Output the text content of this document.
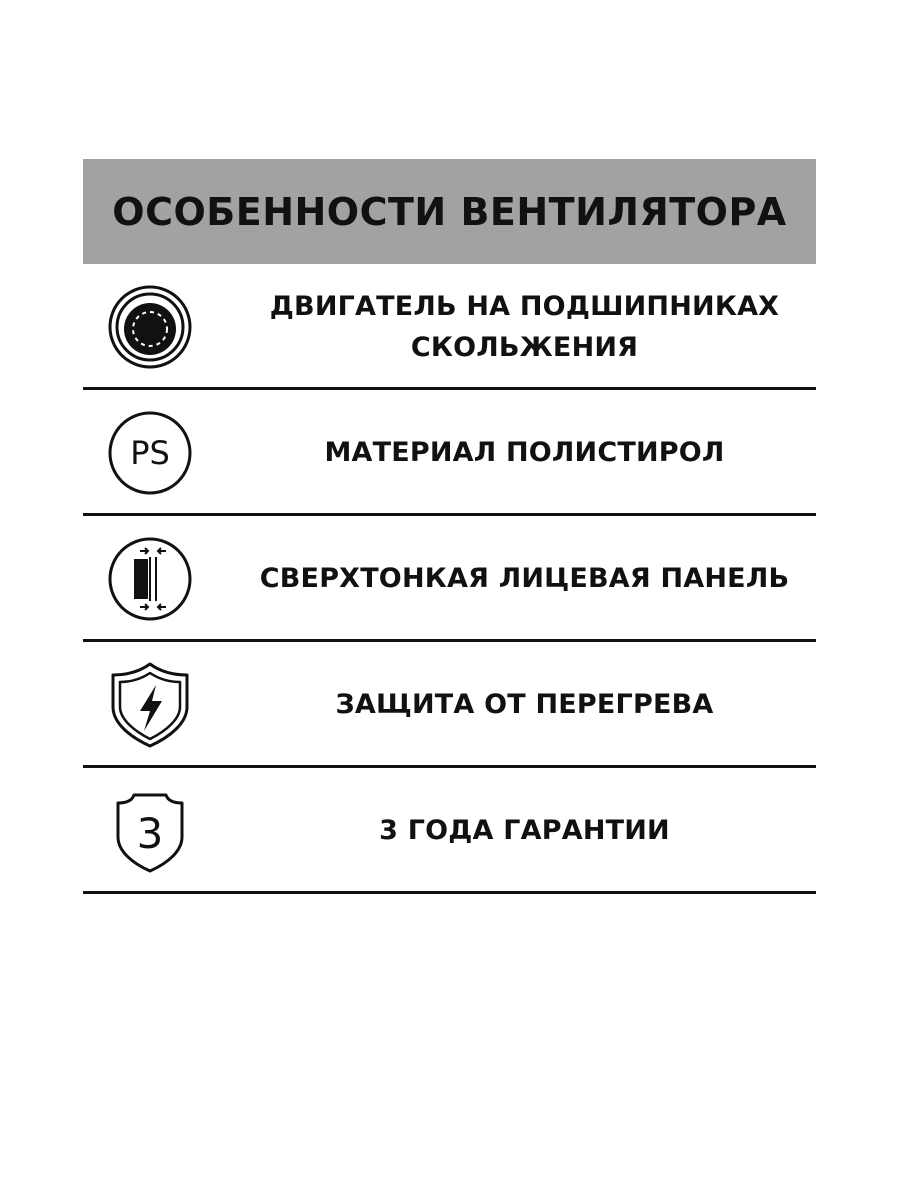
ОСОБЕННОСТИ ВЕНТИЛЯТОРА
ДВИГАТЕЛЬ НА ПОДШИПНИКАХ
СКОЛЬЖЕНИЯ
PS	МАТЕРИАЛ ПОЛИСТИРОЛ
СВЕРХТОНКАЯ ЛИЦЕВАЯ ПАНЕЛЬ
ЗАЩИТА ОТ ПЕРЕГРЕВА
3	3 ГОДА ГАРАНТИИ
